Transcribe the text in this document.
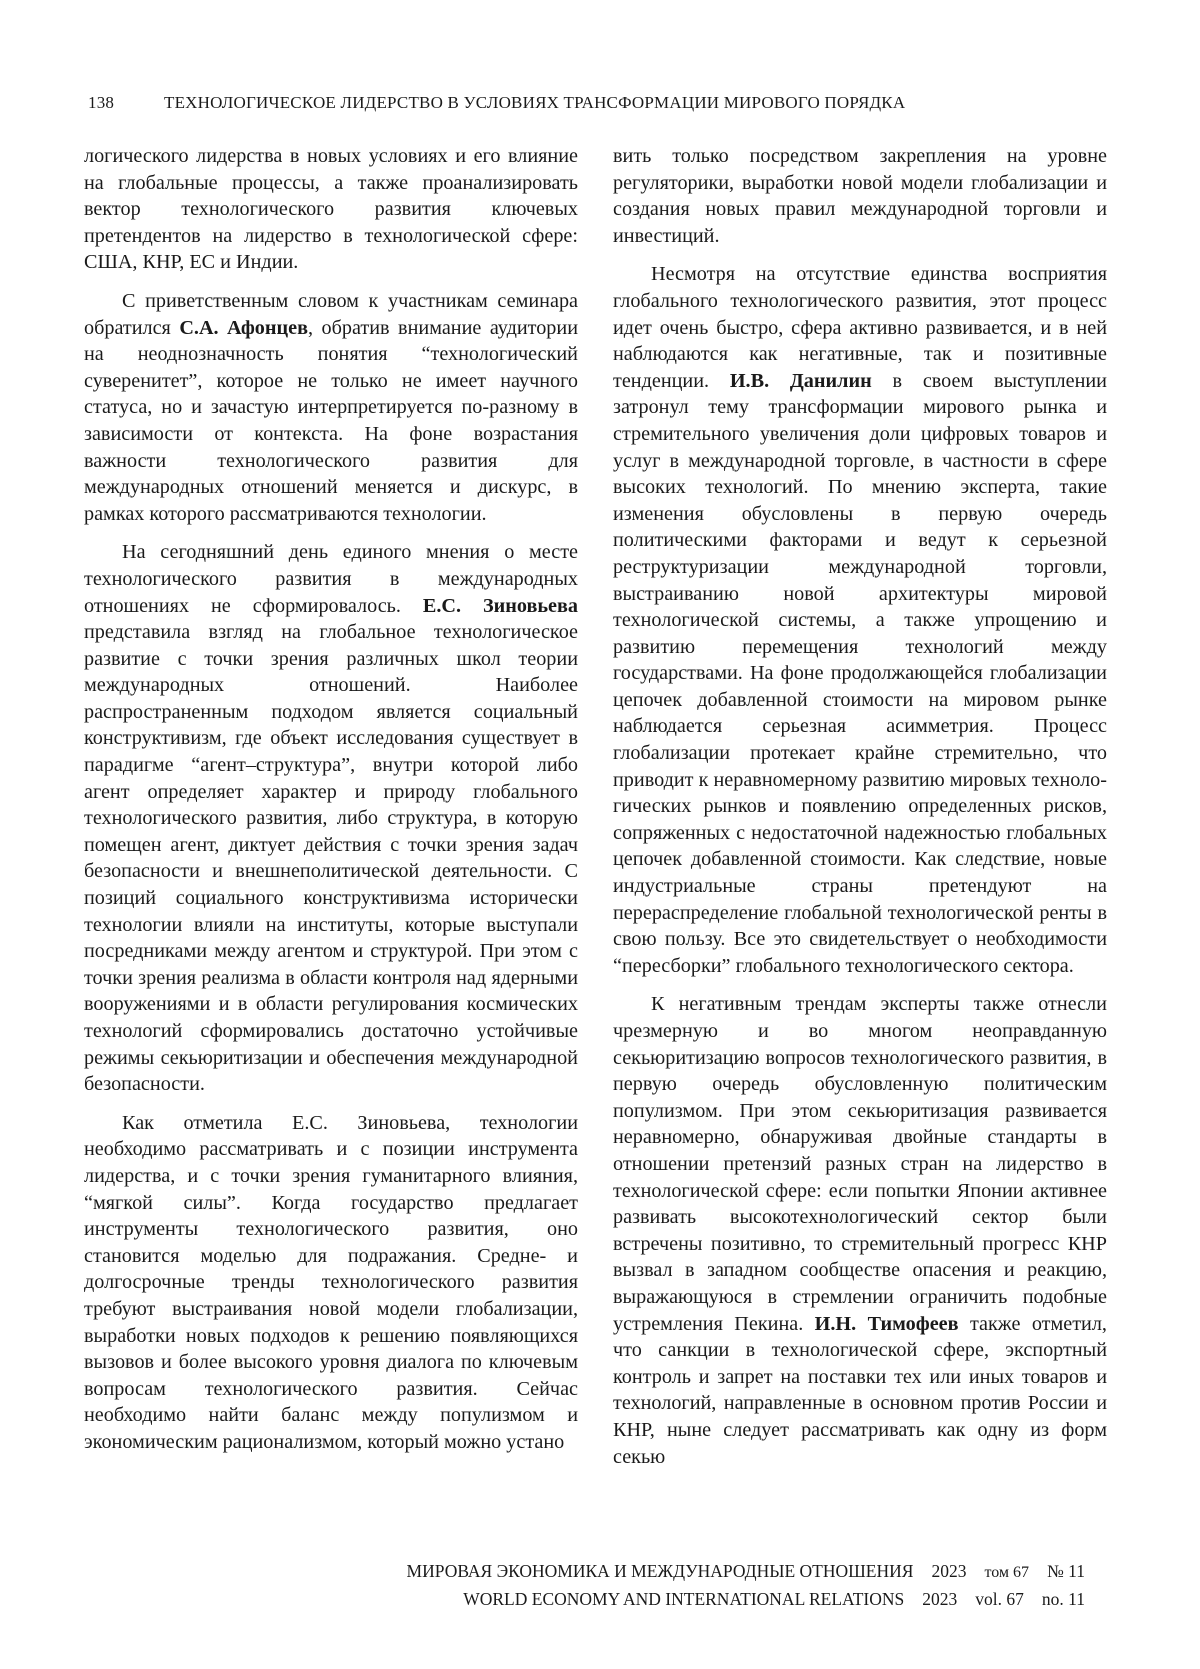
138	ТЕХНОЛОГИЧЕСКОЕ ЛИДЕРСТВО В УСЛОВИЯХ ТРАНСФОРМАЦИИ МИРОВОГО ПОРЯДКА

логического лидерства в новых условиях и его влияние на глобальные процессы, а также проанализировать вектор технологического развития ключевых претендентов на лидерство в технологической сфере: США, КНР, ЕС и Индии.

С приветственным словом к участникам семинара обратился С.А. Афонцев, обратив внимание аудитории на неоднозначность понятия “технологический суверенитет”, которое не только не имеет научного статуса, но и зачастую интерпретируется по-разному в зависимости от контекста. На фоне возрастания важности технологического развития для международных отношений меняется и дискурс, в рамках которого рассматриваются технологии.

На сегодняшний день единого мнения о месте технологического развития в международных отношениях не сформировалось. Е.С. Зиновьева представила взгляд на глобальное технологическое развитие с точки зрения различных школ теории международных отношений. Наиболее распространенным подходом является социальный конструктивизм, где объект исследования существует в парадигме “агент–структура”, внутри которой либо агент определяет характер и природу глобального технологического развития, либо структура, в которую помещен агент, диктует действия с точки зрения задач безопасности и внешнеполитической деятельности. С позиций социального конструктивизма исторически технологии влияли на институты, которые выступали посредниками между агентом и структурой. При этом с точки зрения реализма в области контроля над ядерными вооружениями и в области регулирования космических технологий сформировались достаточно устойчивые режимы секьюритизации и обеспечения международной безопасности.

Как отметила Е.С. Зиновьева, технологии необходимо рассматривать и с позиции инструмента лидерства, и с точки зрения гуманитарного влияния, “мягкой силы”. Когда государство предлагает инструменты технологического развития, оно становится моделью для подражания. Средне- и долгосрочные тренды технологического развития требуют выстраивания новой модели глобализации, выработки новых подходов к решению появляющихся вызовов и более высокого уровня диалога по ключевым вопросам технологического развития. Сейчас необходимо найти баланс между популизмом и экономическим рационализмом, который можно устано

вить только посредством закрепления на уровне регуляторики, выработки новой модели глобализации и создания новых правил международной торговли и инвестиций.

Несмотря на отсутствие единства восприятия глобального технологического развития, этот процесс идет очень быстро, сфера активно развивается, и в ней наблюдаются как негативные, так и позитивные тенденции. И.В. Данилин в своем выступлении затронул тему трансформации мирового рынка и стремительного увеличения доли цифровых товаров и услуг в международной торговле, в частности в сфере высоких технологий. По мнению эксперта, такие изменения обусловлены в первую очередь политическими факторами и ведут к серьезной реструктуризации международной торговли, выстраиванию новой архитектуры мировой технологической системы, а также упрощению и развитию перемещения технологий между государствами. На фоне продолжающейся глобализации цепочек добавленной стоимости на мировом рынке наблюдается серьезная асимметрия. Процесс глобализации протекает крайне стремительно, что приводит к неравномерному развитию мировых технологических рынков и появлению определенных рисков, сопряженных с недостаточной надежностью глобальных цепочек добавленной стоимости. Как следствие, новые индустриальные страны претендуют на перераспределение глобальной технологической ренты в свою пользу. Все это свидетельствует о необходимости “пересборки” глобального технологического сектора.

К негативным трендам эксперты также отнесли чрезмерную и во многом неоправданную секьюритизацию вопросов технологического развития, в первую очередь обусловленную политическим популизмом. При этом секьюритизация развивается неравномерно, обнаруживая двойные стандарты в отношении претензий разных стран на лидерство в технологической сфере: если попытки Японии активнее развивать высокотехнологический сектор были встречены позитивно, то стремительный прогресс КНР вызвал в западном сообществе опасения и реакцию, выражающуюся в стремлении ограничить подобные устремления Пекина. И.Н. Тимофеев также отметил, что санкции в технологической сфере, экспортный контроль и запрет на поставки тех или иных товаров и технологий, направленные в основном против России и КНР, ныне следует рассматривать как одну из форм секью

МИРОВАЯ ЭКОНОМИКА И МЕЖДУНАРОДНЫЕ ОТНОШЕНИЯ 2023 том 67 № 11
WORLD ECONOMY AND INTERNATIONAL RELATIONS 2023 vol. 67 no. 11
